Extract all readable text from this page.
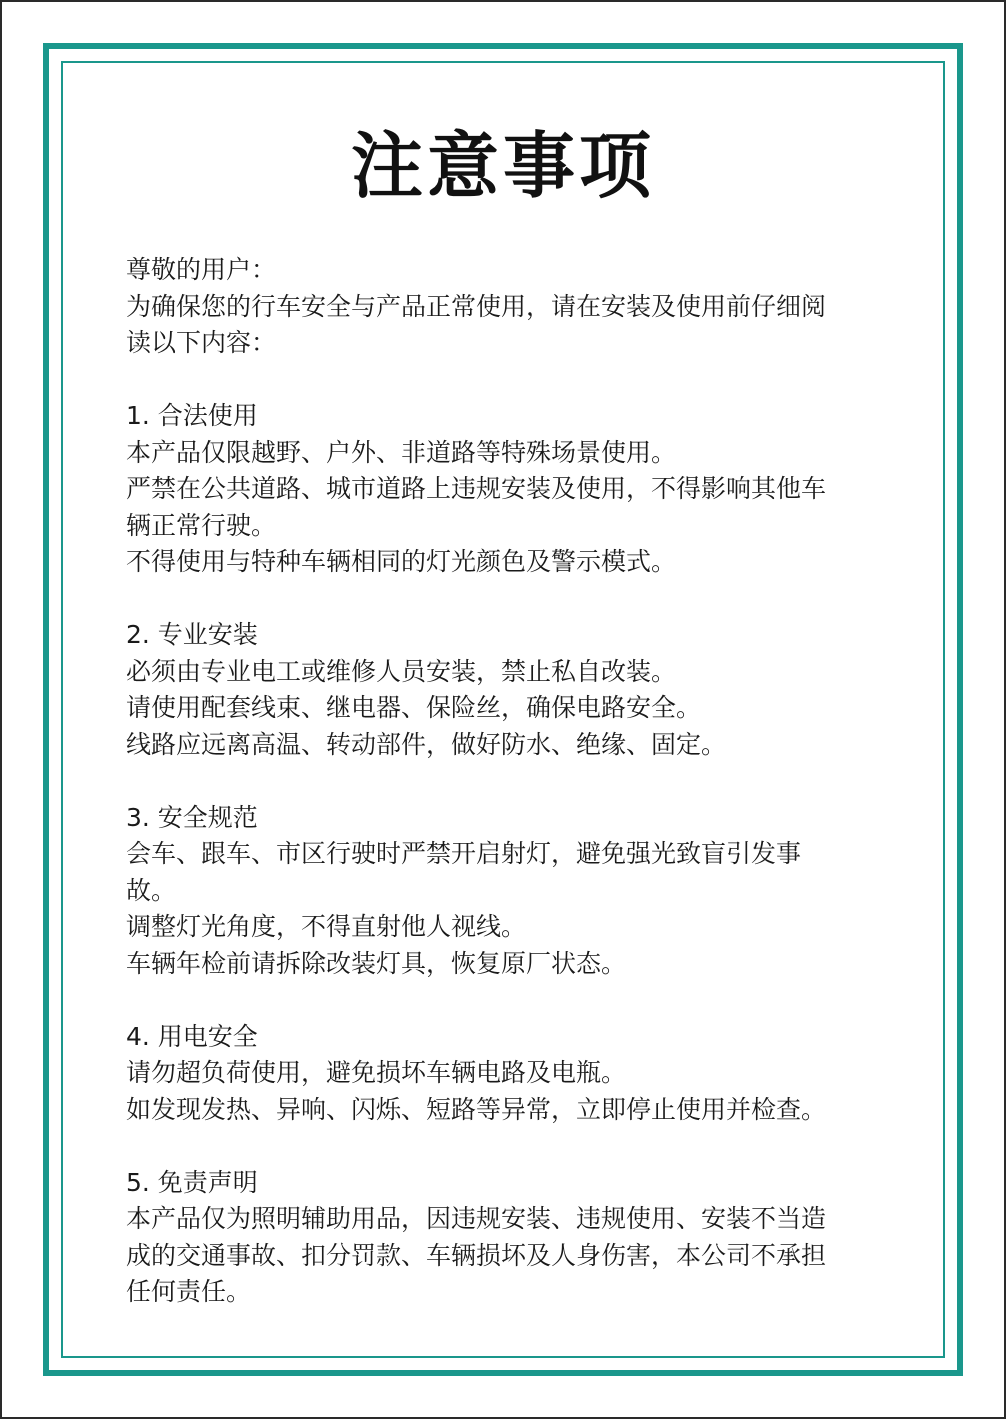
注意事项
尊敬的用户：
为确保您的行车安全与产品正常使用，请在安装及使用前仔细阅
读以下内容：
1. 合法使用
本产品仅限越野、户外、非道路等特殊场景使用。
严禁在公共道路、城市道路上违规安装及使用，不得影响其他车
辆正常行驶。
不得使用与特种车辆相同的灯光颜色及警示模式。
2. 专业安装
必须由专业电工或维修人员安装，禁止私自改装。
请使用配套线束、继电器、保险丝，确保电路安全。
线路应远离高温、转动部件，做好防水、绝缘、固定。
3. 安全规范
会车、跟车、市区行驶时严禁开启射灯，避免强光致盲引发事
故。
调整灯光角度，不得直射他人视线。
车辆年检前请拆除改装灯具，恢复原厂状态。
4. 用电安全
请勿超负荷使用，避免损坏车辆电路及电瓶。
如发现发热、异响、闪烁、短路等异常，立即停止使用并检查。
5. 免责声明
本产品仅为照明辅助用品，因违规安装、违规使用、安装不当造
成的交通事故、扣分罚款、车辆损坏及人身伤害，本公司不承担
任何责任。
